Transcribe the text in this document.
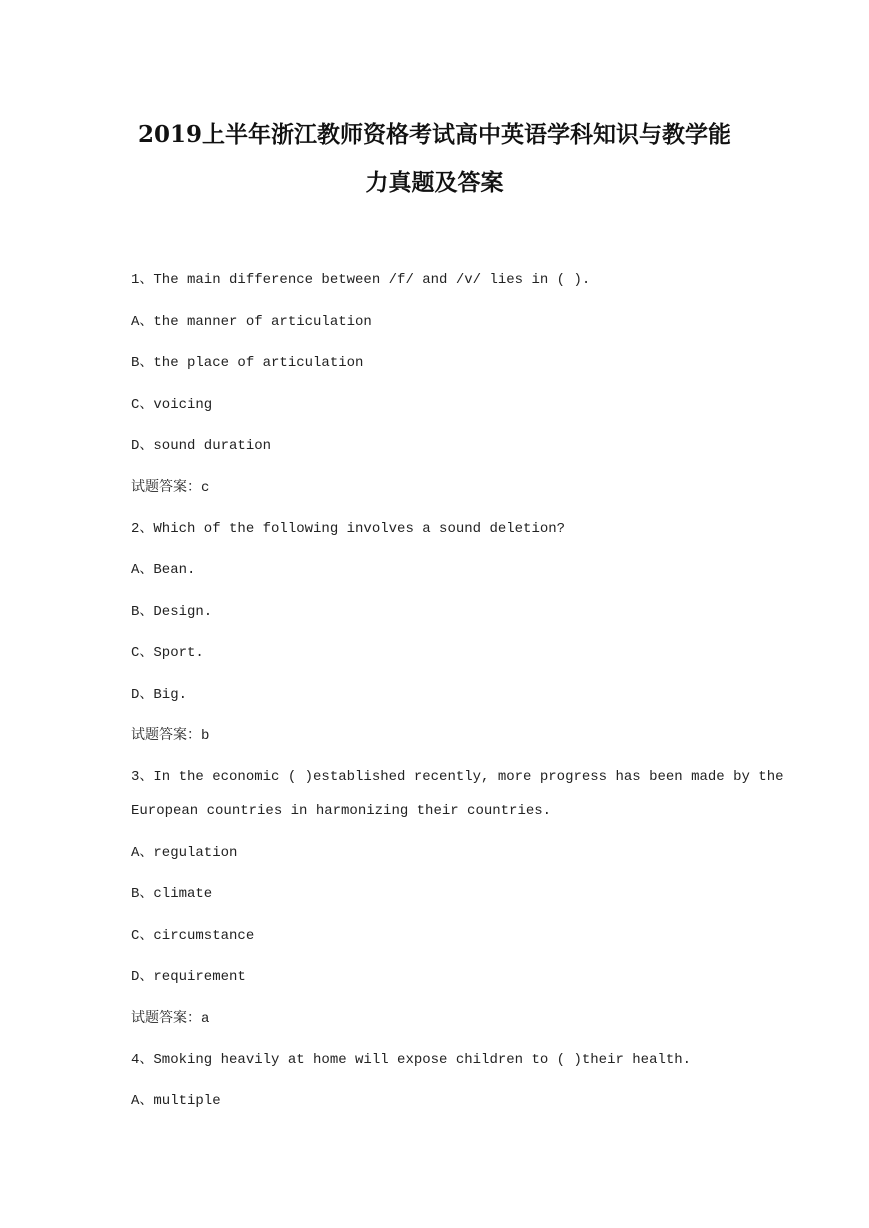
2019上半年浙江教师资格考试高中英语学科知识与教学能
力真题及答案
1、The main difference between /f/ and /v/ lies in ( ).
A、the manner of articulation
B、the place of articulation
C、voicing
D、sound duration
试题答案：c
2、Which of the following involves a sound deletion?
A、Bean.
B、Design.
C、Sport.
D、Big.
试题答案：b
3、In the economic ( )established recently, more progress has been made by the
European countries in harmonizing their countries.
A、regulation
B、climate
C、circumstance
D、requirement
试题答案：a
4、Smoking heavily at home will expose children to ( )their health.
A、multiple
